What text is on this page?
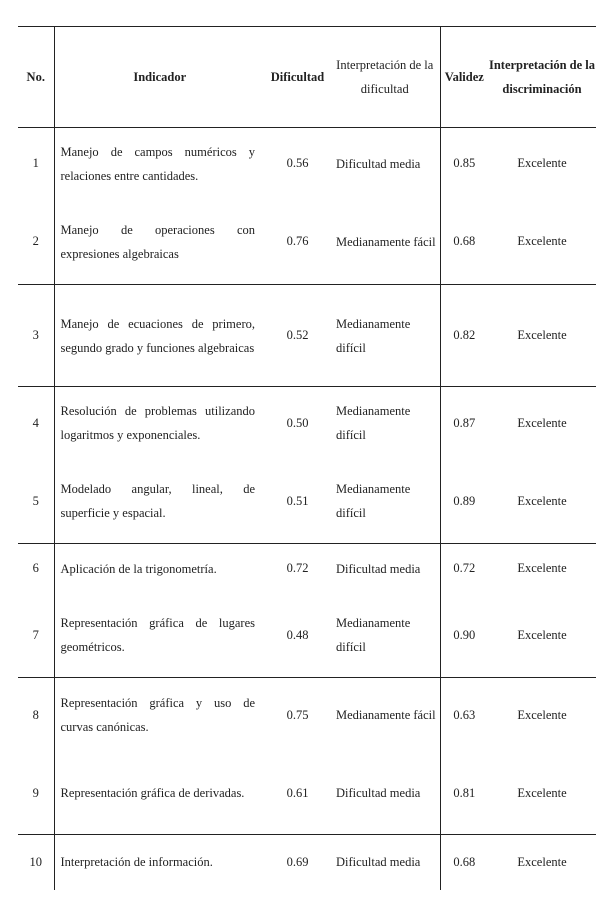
No.	Indicador	Dificultad	Interpretación de la dificultad	Validez	Interpretación de la discriminación
1	Manejo de campos numéricos y relaciones entre cantidades.	0.56	Dificultad media	0.85	Excelente
2	Manejo de operaciones con expresiones algebraicas	0.76	Medianamente fácil	0.68	Excelente
3	Manejo de ecuaciones de primero, segundo grado y funciones algebraicas	0.52	Medianamente difícil	0.82	Excelente
4	Resolución de problemas utilizando logaritmos y exponenciales.	0.50	Medianamente difícil	0.87	Excelente
5	Modelado angular, lineal, de superficie y espacial.	0.51	Medianamente difícil	0.89	Excelente
6	Aplicación de la trigonometría.	0.72	Dificultad media	0.72	Excelente
7	Representación gráfica de lugares geométricos.	0.48	Medianamente difícil	0.90	Excelente
8	Representación gráfica y uso de curvas canónicas.	0.75	Medianamente fácil	0.63	Excelente
9	Representación gráfica de derivadas.	0.61	Dificultad media	0.81	Excelente
10	Interpretación de información.	0.69	Dificultad media	0.68	Excelente
